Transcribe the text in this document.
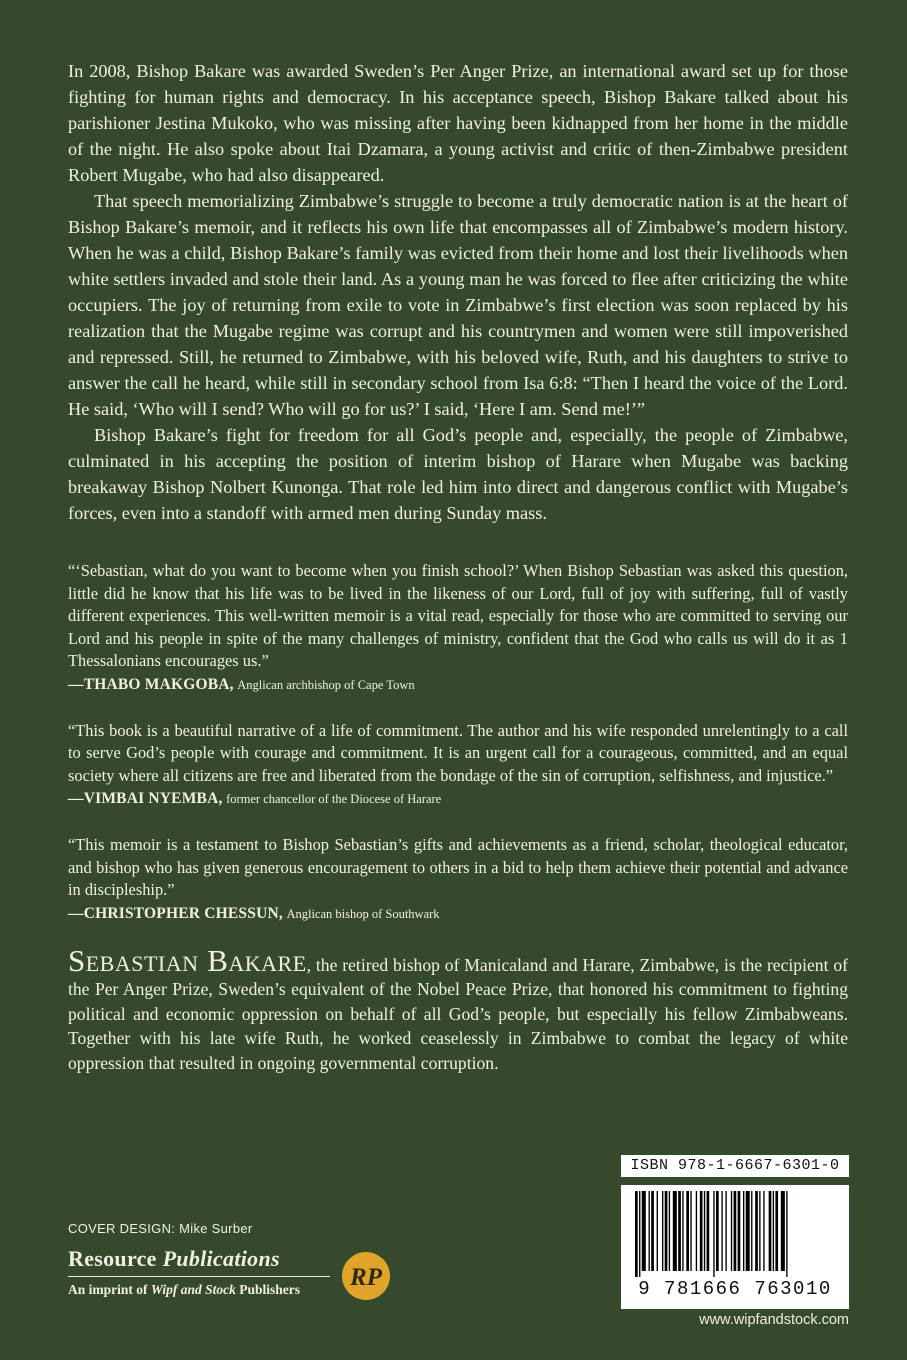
In 2008, Bishop Bakare was awarded Sweden’s Per Anger Prize, an international award set up for those fighting for human rights and democracy. In his acceptance speech, Bishop Bakare talked about his parishioner Jestina Mukoko, who was missing after having been kidnapped from her home in the middle of the night. He also spoke about Itai Dzamara, a young activist and critic of then-Zimbabwe president Robert Mugabe, who had also disappeared.

That speech memorializing Zimbabwe’s struggle to become a truly democratic nation is at the heart of Bishop Bakare’s memoir, and it reflects his own life that encompasses all of Zimbabwe’s modern history. When he was a child, Bishop Bakare’s family was evicted from their home and lost their livelihoods when white settlers invaded and stole their land. As a young man he was forced to flee after criticizing the white occupiers. The joy of returning from exile to vote in Zimbabwe’s first election was soon replaced by his realization that the Mugabe regime was corrupt and his countrymen and women were still impoverished and repressed. Still, he returned to Zimbabwe, with his beloved wife, Ruth, and his daughters to strive to answer the call he heard, while still in secondary school from Isa 6:8: “Then I heard the voice of the Lord. He said, ‘Who will I send? Who will go for us?’ I said, ‘Here I am. Send me!’”

Bishop Bakare’s fight for freedom for all God’s people and, especially, the people of Zimbabwe, culminated in his accepting the position of interim bishop of Harare when Mugabe was backing breakaway Bishop Nolbert Kunonga. That role led him into direct and dangerous conflict with Mugabe’s forces, even into a standoff with armed men during Sunday mass.

“‘Sebastian, what do you want to become when you finish school?’ When Bishop Sebastian was asked this question, little did he know that his life was to be lived in the likeness of our Lord, full of joy with suffering, full of vastly different experiences. This well-written memoir is a vital read, especially for those who are committed to serving our Lord and his people in spite of the many challenges of ministry, confident that the God who calls us will do it as 1 Thessalonians encourages us.”

—THABO MAKGOBA, Anglican archbishop of Cape Town

“This book is a beautiful narrative of a life of commitment. The author and his wife responded unrelentingly to a call to serve God’s people with courage and commitment. It is an urgent call for a courageous, committed, and an equal society where all citizens are free and liberated from the bondage of the sin of corruption, selfishness, and injustice.”

—VIMBAI NYEMBA, former chancellor of the Diocese of Harare

“This memoir is a testament to Bishop Sebastian’s gifts and achievements as a friend, scholar, theological educator, and bishop who has given generous encouragement to others in a bid to help them achieve their potential and advance in discipleship.”

—CHRISTOPHER CHESSUN, Anglican bishop of Southwark

Sebastian Bakare, the retired bishop of Manicaland and Harare, Zimbabwe, is the recipient of the Per Anger Prize, Sweden’s equivalent of the Nobel Peace Prize, that honored his commitment to fighting political and economic oppression on behalf of all God’s people, but especially his fellow Zimbabweans. Together with his late wife Ruth, he worked ceaselessly in Zimbabwe to combat the legacy of white oppression that resulted in ongoing governmental corruption.

COVER DESIGN: Mike Surber
Resource Publications
An imprint of Wipf and Stock Publishers RP
ISBN 978-1-6667-6301-0
9 781666 763010
www.wipfandstock.com
